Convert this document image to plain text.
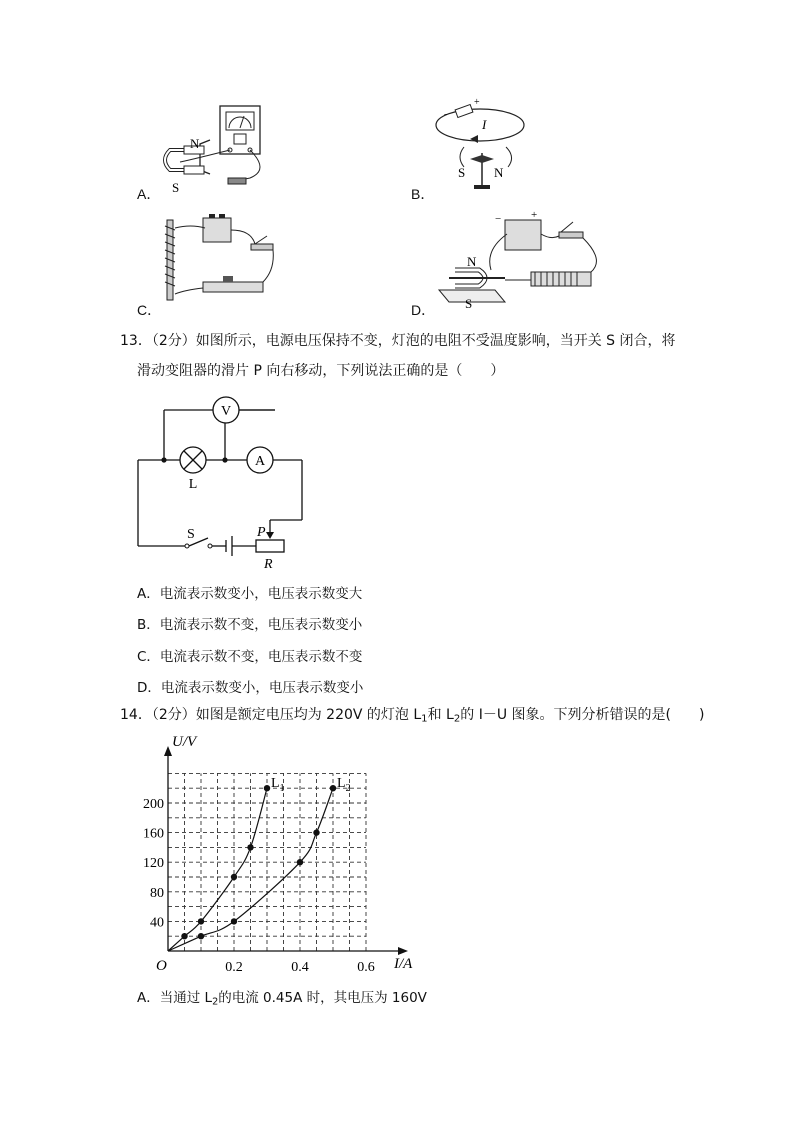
A．
N
S	B．
-
+
I
S N
C．	D．
−	+
N
S
13．（2分）如图所示，电源电压保持不变，灯泡的电阻不受温度影响，当开关 S 闭合，将
滑动变阻器的滑片 P 向右移动，下列说法正确的是（　　）
V
L
A
S	P
R
A．电流表示数变小，电压表示数变大
B．电流表示数不变，电压表示数变小
C．电流表示数不变，电压表示数不变
D．电流表示数变小，电压表示数变小
14．（2分）如图是额定电压均为 220V 的灯泡 $L_1$和 $L_2$的 I－U 图象。下列分析错误的是(　　)
0.2	0.4	0.6
40
80
120
160
200
$L_1$	$L_2$
U/V
I/A
O
A．当通过 $L_2$的电流 0.45A 时，其电压为 160V
